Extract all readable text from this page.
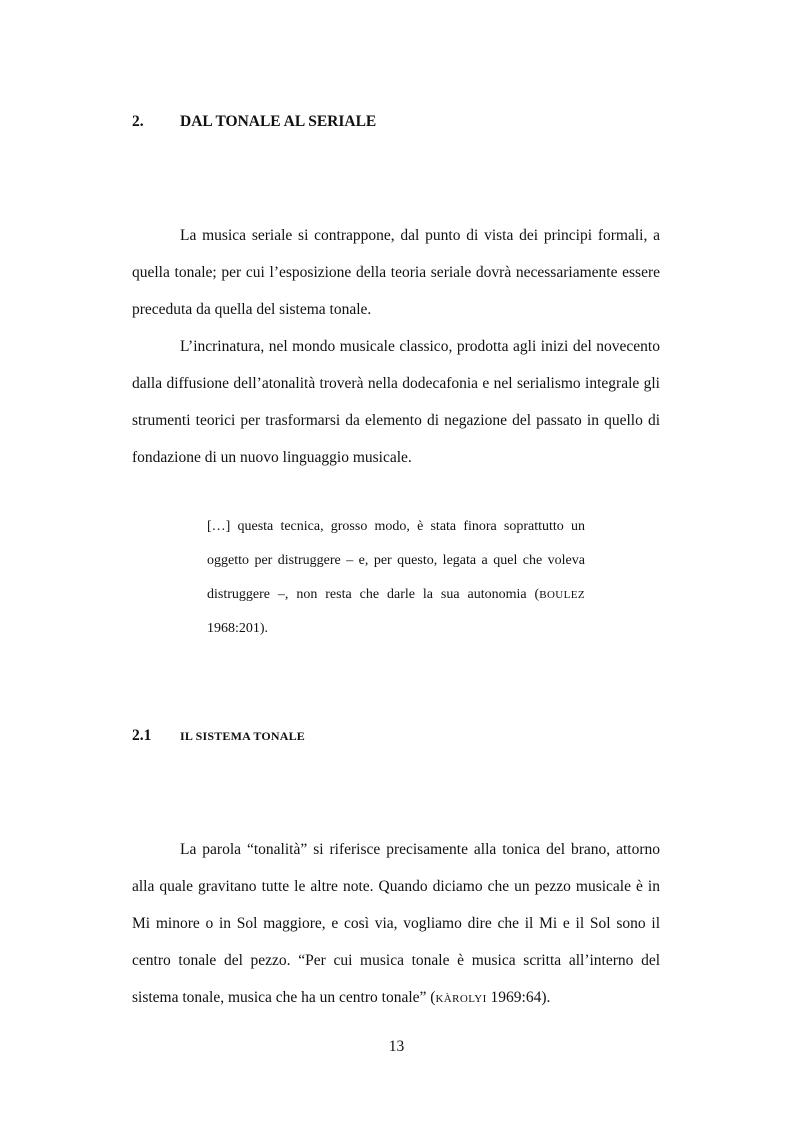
2. DAL TONALE AL SERIALE

La musica seriale si contrappone, dal punto di vista dei principi formali, a quella tonale; per cui l’esposizione della teoria seriale dovrà necessariamente essere preceduta da quella del sistema tonale.

L’incrinatura, nel mondo musicale classico, prodotta agli inizi del novecento dalla diffusione dell’atonalità troverà nella dodecafonia e nel serialismo integrale gli strumenti teorici per trasformarsi da elemento di negazione del passato in quello di fondazione di un nuovo linguaggio musicale.

[…] questa tecnica, grosso modo, è stata finora soprattutto un oggetto per distruggere – e, per questo, legata a quel che voleva distruggere –, non resta che darle la sua autonomia (BOULEZ 1968:201).

2.1 IL SISTEMA TONALE

La parola “tonalità” si riferisce precisamente alla tonica del brano, attorno alla quale gravitano tutte le altre note. Quando diciamo che un pezzo musicale è in Mi minore o in Sol maggiore, e così via, vogliamo dire che il Mi e il Sol sono il centro tonale del pezzo. “Per cui musica tonale è musica scritta all’interno del sistema tonale, musica che ha un centro tonale” (KÀROLYI 1969:64).

13
